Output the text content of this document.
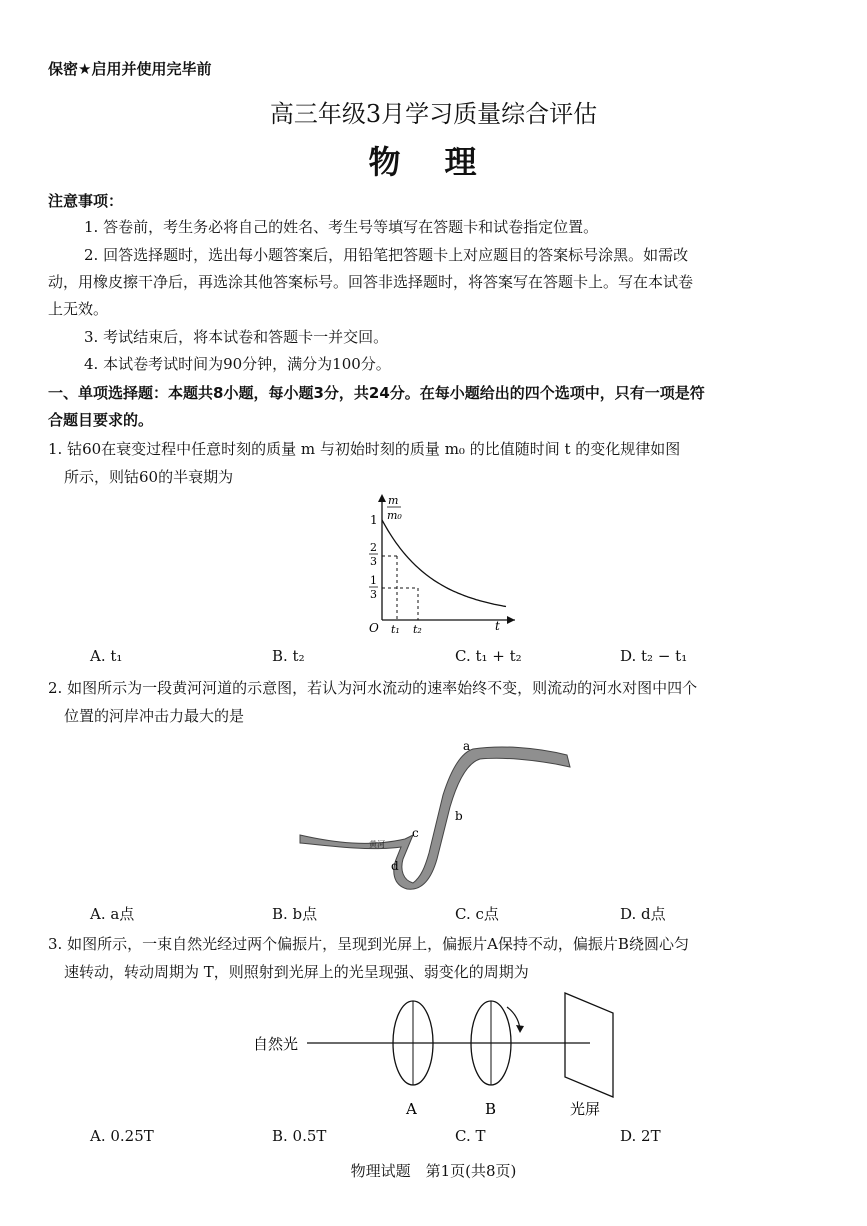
保密★启用并使用完毕前
高三年级3月学习质量综合评估
物理
注意事项：
1. 答卷前，考生务必将自己的姓名、考生号等填写在答题卡和试卷指定位置。
2. 回答选择题时，选出每小题答案后，用铅笔把答题卡上对应题目的答案标号涂黑。如需改
动，用橡皮擦干净后，再选涂其他答案标号。回答非选择题时，将答案写在答题卡上。写在本试卷
上无效。
3. 考试结束后，将本试卷和答题卡一并交回。
4. 本试卷考试时间为90分钟，满分为100分。
一、单项选择题：本题共8小题，每小题3分，共24分。在每小题给出的四个选项中，只有一项是符
合题目要求的。
1. 钴60在衰变过程中任意时刻的质量 m 与初始时刻的质量 m₀ 的比值随时间 t 的变化规律如图
所示，则钴60的半衰期为
m
m₀
1
2
3
1
3
O t₁ t₂	t
A. t₁	B. t₂	C. t₁ + t₂	D. t₂ − t₁
2. 如图所示为一段黄河河道的示意图，若认为河水流动的速率始终不变，则流动的河水对图中四个
位置的河岸冲击力最大的是
a
b
c
d
黄河
A. a点	B. b点	C. c点	D. d点
3. 如图所示，一束自然光经过两个偏振片，呈现到光屏上，偏振片A保持不动，偏振片B绕圆心匀
速转动，转动周期为 T，则照射到光屏上的光呈现强、弱变化的周期为
自然光
A	B	光屏
A. 0.25T	B. 0.5T	C. T	D. 2T
物理试题　第1页(共8页)
